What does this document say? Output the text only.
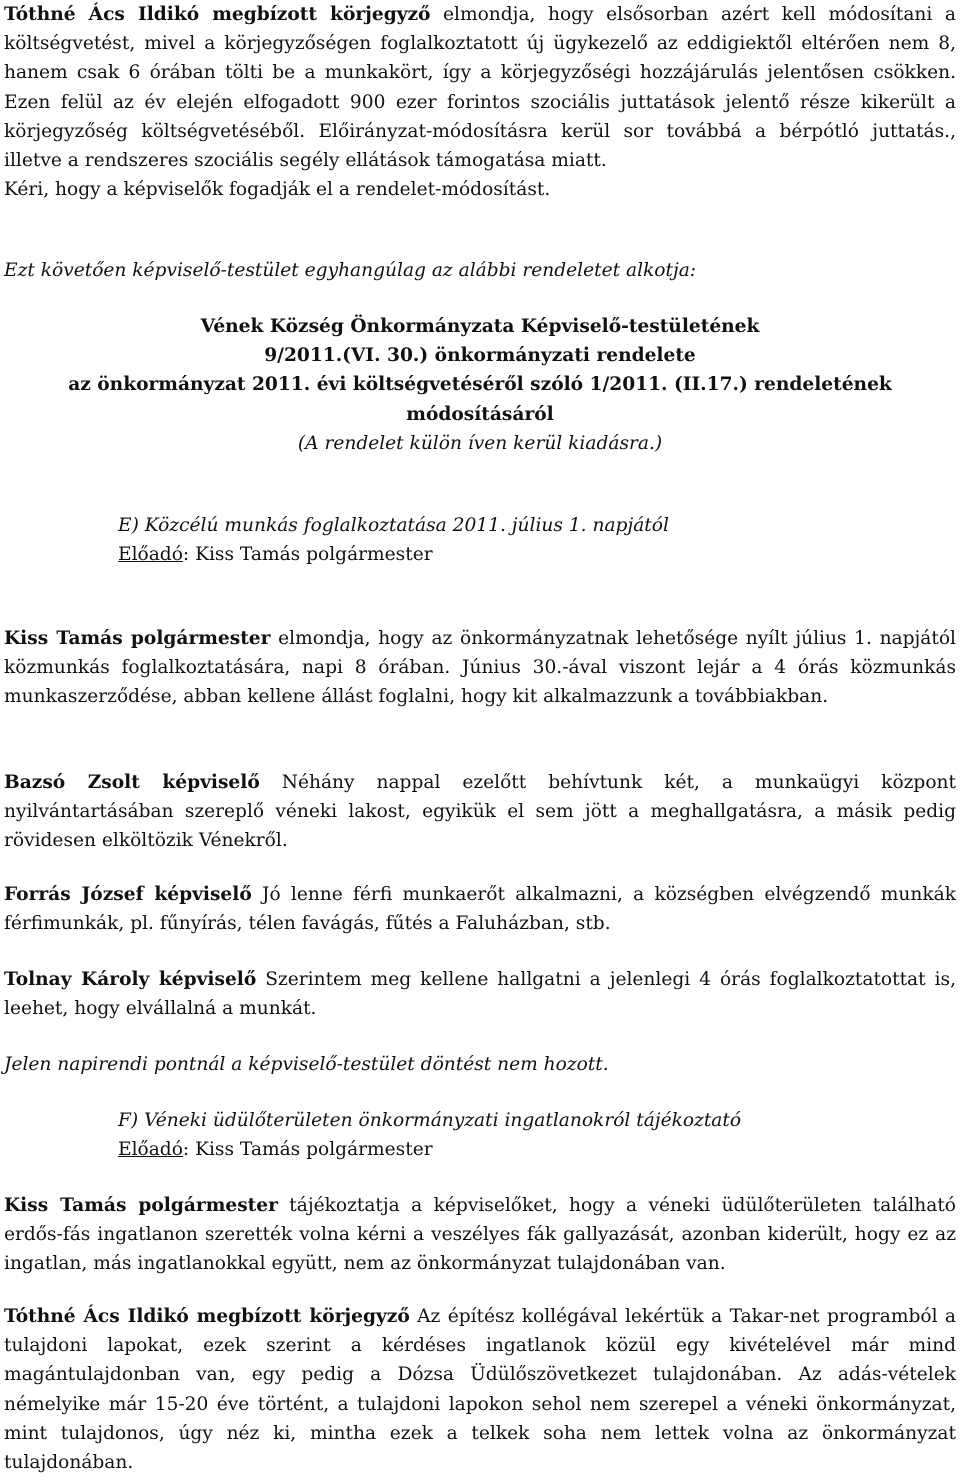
Tóthné Ács Ildikó megbízott körjegyző elmondja, hogy elsősorban azért kell módosítani a költségvetést, mivel a körjegyzőségen foglalkoztatott új ügykezelő az eddigiektől eltérően nem 8, hanem csak 6 órában tölti be a munkakört, így a körjegyzőségi hozzájárulás jelentősen csökken. Ezen felül az év elején elfogadott 900 ezer forintos szociális juttatások jelentő része kikerült a körjegyzőség költségvetéséből. Előirányzat-módosításra kerül sor továbbá a bérpótló juttatás., illetve a rendszeres szociális segély ellátások támogatása miatt.
Kéri, hogy a képviselők fogadják el a rendelet-módosítást.

Ezt követően képviselő-testület egyhangúlag az alábbi rendeletet alkotja:

Vének Község Önkormányzata Képviselő-testületének
9/2011.(VI. 30.) önkormányzati rendelete
az önkormányzat 2011. évi költségvetéséről szóló 1/2011. (II.17.) rendeletének
módosításáról
(A rendelet külön íven kerül kiadásra.)
E) Közcélú munkás foglalkoztatása 2011. július 1. napjától
Előadó: Kiss Tamás polgármester

Kiss Tamás polgármester elmondja, hogy az önkormányzatnak lehetősége nyílt július 1. napjától közmunkás foglalkoztatására, napi 8 órában. Június 30.-ával viszont lejár a 4 órás közmunkás munkaszerződése, abban kellene állást foglalni, hogy kit alkalmazzunk a továbbiakban.

Bazsó Zsolt képviselő Néhány nappal ezelőtt behívtunk két, a munkaügyi központ nyilvántartásában szereplő véneki lakost, egyikük el sem jött a meghallgatásra, a másik pedig rövidesen elköltözik Vénekről.

Forrás József képviselő Jó lenne férfi munkaerőt alkalmazni, a községben elvégzendő munkák férfimunkák, pl. fűnyírás, télen favágás, fűtés a Faluházban, stb.

Tolnay Károly képviselő Szerintem meg kellene hallgatni a jelenlegi 4 órás foglalkoztatottat is, leehet, hogy elvállalná a munkát.

Jelen napirendi pontnál a képviselő-testület döntést nem hozott.

F) Véneki üdülőterületen önkormányzati ingatlanokról tájékoztató
Előadó: Kiss Tamás polgármester

Kiss Tamás polgármester tájékoztatja a képviselőket, hogy a véneki üdülőterületen található erdős-fás ingatlanon szerették volna kérni a veszélyes fák gallyazását, azonban kiderült, hogy ez az ingatlan, más ingatlanokkal együtt, nem az önkormányzat tulajdonában van.

Tóthné Ács Ildikó megbízott körjegyző Az építész kollégával lekértük a Takar-net programból a tulajdoni lapokat, ezek szerint a kérdéses ingatlanok közül egy kivételével már mind magántulajdonban van, egy pedig a Dózsa Üdülőszövetkezet tulajdonában. Az adás-vételek némelyike már 15-20 éve történt, a tulajdoni lapokon sehol nem szerepel a véneki önkormányzat, mint tulajdonos, úgy néz ki, mintha ezek a telkek soha nem lettek volna az önkormányzat tulajdonában.
